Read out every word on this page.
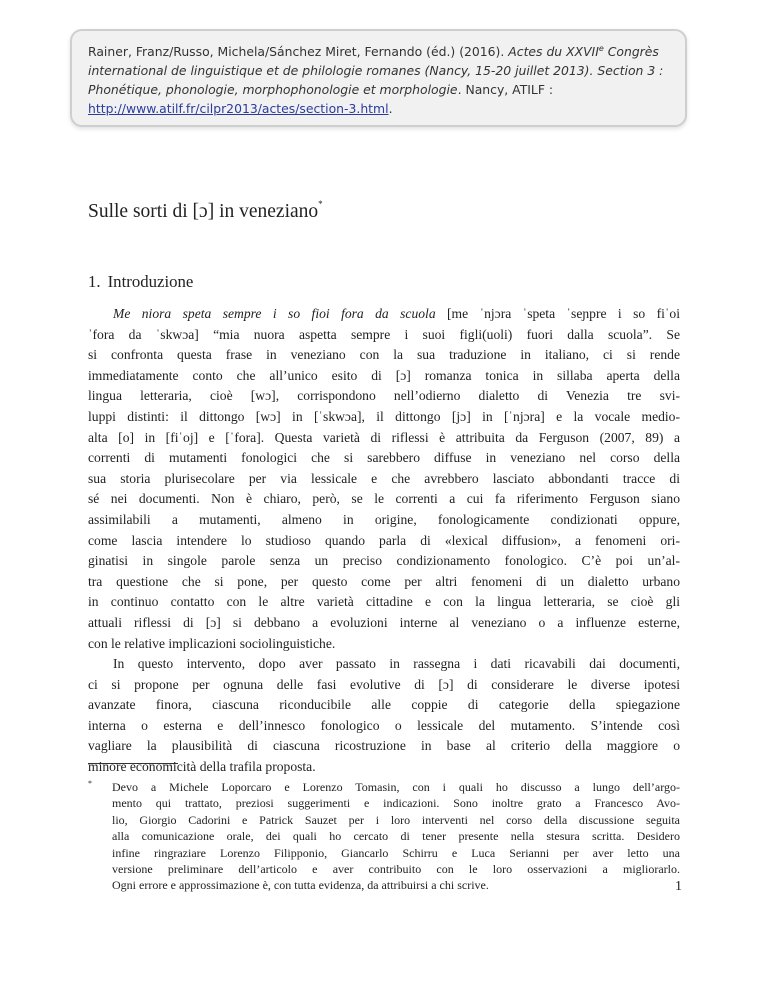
Rainer, Franz/Russo, Michela/Sánchez Miret, Fernando (éd.) (2016). Actes du XXVIIe Congrès
international de linguistique et de philologie romanes (Nancy, 15-20 juillet 2013). Section 3 :
Phonétique, phonologie, morphophonologie et morphologie. Nancy, ATILF :
http://www.atilf.fr/cilpr2013/actes/section-3.html.
Sulle sorti di [ɔ] in veneziano*
1. Introduzione

Me niora speta sempre i so fioi fora da scuola [me ˈnjɔra ˈspeta ˈseɲpre i so fiˈoi
ˈfora da ˈskwɔa] “mia nuora aspetta sempre i suoi figli(uoli) fuori dalla scuola”. Se
si confronta questa frase in veneziano con la sua traduzione in italiano, ci si rende
immediatamente conto che all’unico esito di [ɔ] romanza tonica in sillaba aperta della
lingua letteraria, cioè [wɔ], corrispondono nell’odierno dialetto di Venezia tre svi-
luppi distinti: il dittongo [wɔ] in [ˈskwɔa], il dittongo [jɔ] in [ˈnjɔra] e la vocale medio-
alta [o] in [fiˈoj] e [ˈfora]. Questa varietà di riflessi è attribuita da Ferguson (2007, 89) a
correnti di mutamenti fonologici che si sarebbero diffuse in veneziano nel corso della
sua storia plurisecolare per via lessicale e che avrebbero lasciato abbondanti tracce di
sé nei documenti. Non è chiaro, però, se le correnti a cui fa riferimento Ferguson siano
assimilabili a mutamenti, almeno in origine, fonologicamente condizionati oppure,
come lascia intendere lo studioso quando parla di «lexical diffusion», a fenomeni ori-
ginatisi in singole parole senza un preciso condizionamento fonologico. C’è poi un’al-
tra questione che si pone, per questo come per altri fenomeni di un dialetto urbano
in continuo contatto con le altre varietà cittadine e con la lingua letteraria, se cioè gli
attuali riflessi di [ɔ] si debbano a evoluzioni interne al veneziano o a influenze esterne,
con le relative implicazioni sociolinguistiche.

In questo intervento, dopo aver passato in rassegna i dati ricavabili dai documenti,
ci si propone per ognuna delle fasi evolutive di [ɔ] di considerare le diverse ipotesi
avanzate finora, ciascuna riconducibile alle coppie di categorie della spiegazione
interna o esterna e dell’innesco fonologico o lessicale del mutamento. S’intende così
vagliare la plausibilità di ciascuna ricostruzione in base al criterio della maggiore o
minore economicità della trafila proposta.

* Devo a Michele Loporcaro e Lorenzo Tomasin, con i quali ho discusso a lungo dell’argo-
mento qui trattato, preziosi suggerimenti e indicazioni. Sono inoltre grato a Francesco Avo-
lio, Giorgio Cadorini e Patrick Sauzet per i loro interventi nel corso della discussione seguita
alla comunicazione orale, dei quali ho cercato di tener presente nella stesura scritta. Desidero
infine ringraziare Lorenzo Filipponio, Giancarlo Schirru e Luca Serianni per aver letto una
versione preliminare dell’articolo e aver contribuito con le loro osservazioni a migliorarlo.
Ogni errore e approssimazione è, con tutta evidenza, da attribuirsi a chi scrive.	1
